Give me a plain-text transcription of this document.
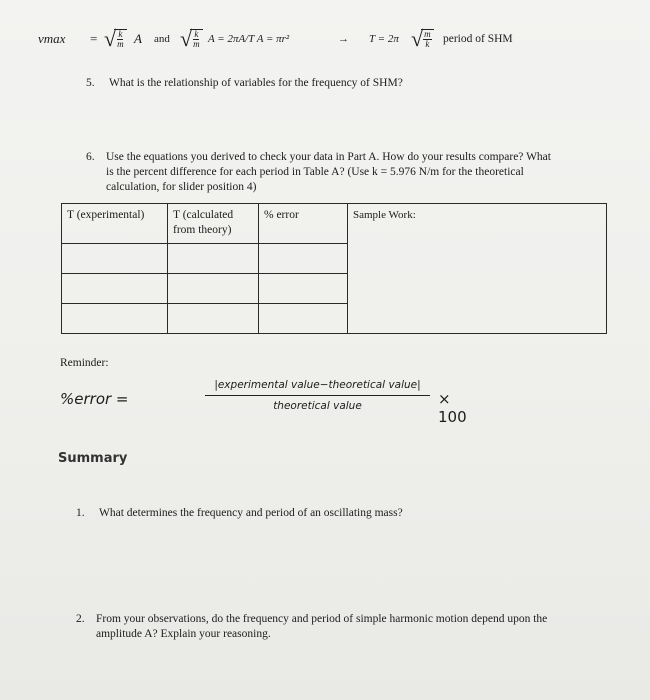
vmax = √ $\frac{k}{m}$ A and √ $\frac{k}{m}$ A = 2πA/T A = πr²	→ T = 2π √ $\frac{m}{k}$ period of SHM
5. What is the relationship of variables for the frequency of SHM?
6. Use the equations you derived to check your data in Part A. How do your results compare? What
is the percent difference for each period in Table A? (Use k = 5.976 N/m for the theoretical
calculation, for slider position 4)
T (experimental)	T (calculated from theory)	% error	Sample Work:

Reminder:
%error =
|experimental value−theoretical value|
theoretical value	× 100
Summary
1. What determines the frequency and period of an oscillating mass?
2. From your observations, do the frequency and period of simple harmonic motion depend upon the
amplitude A? Explain your reasoning.
